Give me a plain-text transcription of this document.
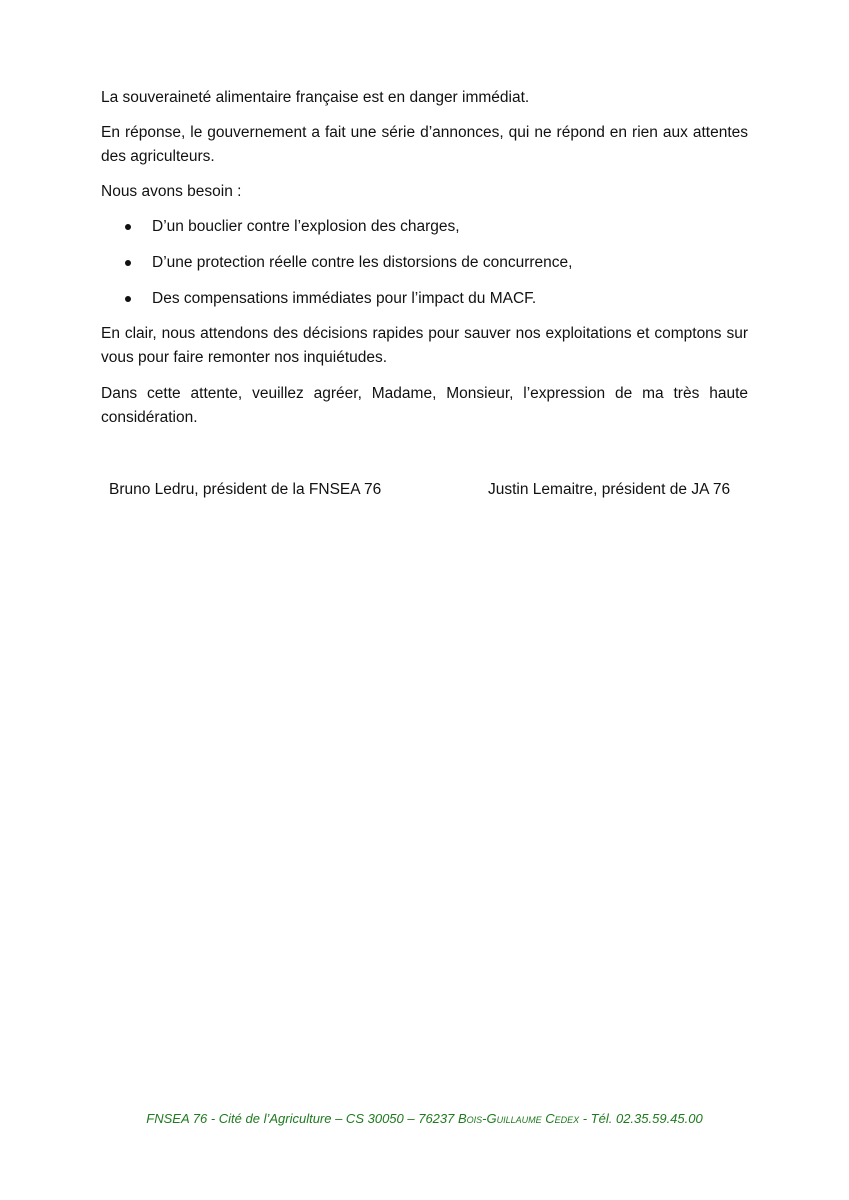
La souveraineté alimentaire française est en danger immédiat.

En réponse, le gouvernement a fait une série d’annonces, qui ne répond en rien aux attentes des agriculteurs.

Nous avons besoin :

D’un bouclier contre l’explosion des charges,
D’une protection réelle contre les distorsions de concurrence,
Des compensations immédiates pour l’impact du MACF.

En clair, nous attendons des décisions rapides pour sauver nos exploitations et comptons sur vous pour faire remonter nos inquiétudes.

Dans cette attente, veuillez agréer, Madame, Monsieur, l’expression de ma très haute considération.

Bruno Ledru, président de la FNSEA 76	Justin Lemaitre, président de JA 76
FNSEA 76 - Cité de l’Agriculture – CS 30050 – 76237 Bois-Guillaume Cedex - Tél. 02.35.59.45.00
